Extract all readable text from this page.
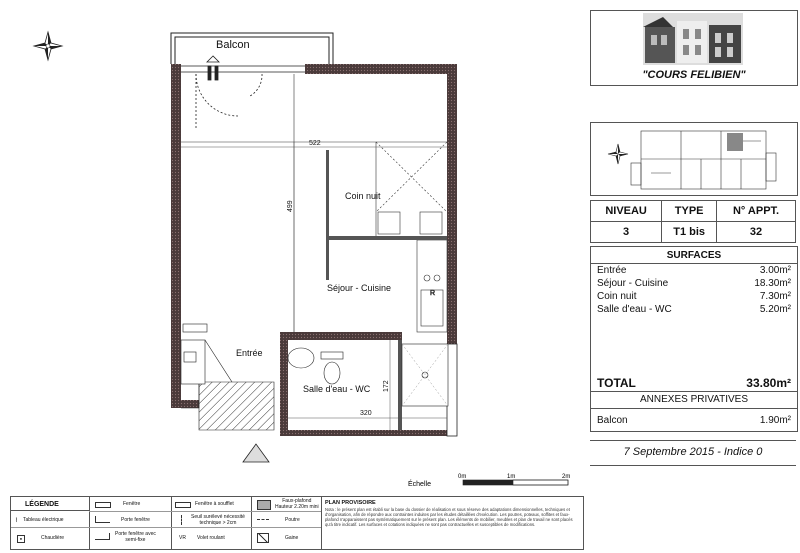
R
Balcon
Coin nuit
Séjour - Cuisine
Entrée
Salle d'eau - WC
522
499
172
320
Échelle
0m	1m	2m
"COURS FELIBIEN"
NIVEAU	TYPE	N° APPT.
3	T1 bis	32
SURFACES
Entrée	3.00m²
Séjour - Cuisine	18.30m²
Coin nuit	7.30m²
Salle d'eau - WC	5.20m²
TOTAL	33.80m²
ANNEXES PRIVATIVES
Balcon	1.90m²
7 Septembre 2015 - Indice 0
LÉGENDE
⌇ Tableau électrique
●	Chaudière
Fenêtre
Porte fenêtre
Porte fenêtre avec
semi-fixe
Fenêtre à soufflet
Seuil surélevé nécessité
technique > 2cm
VR Volet roulant
Faux-plafond
Hauteur 2.20m mini
Poutre
Gaine
PLAN PROVISOIRE
Nota : le présent plan est établi sur la base du dossier de réalisation et sous réserve des adaptations dimensionnelles, techniques et d'organisation, afin de répondre aux contraintes induites par les études détaillées d'exécution. Les poutres, poteaux, soffites et faux-plafond n'apparaissent pas systématiquement sur le présent plan. Les éléments de mobilier, meubles et plan de travail ne sont placés qu'à titre indicatif. Les surfaces et cotations indiquées ne sont pas contractuelles et susceptibles de modifications.
